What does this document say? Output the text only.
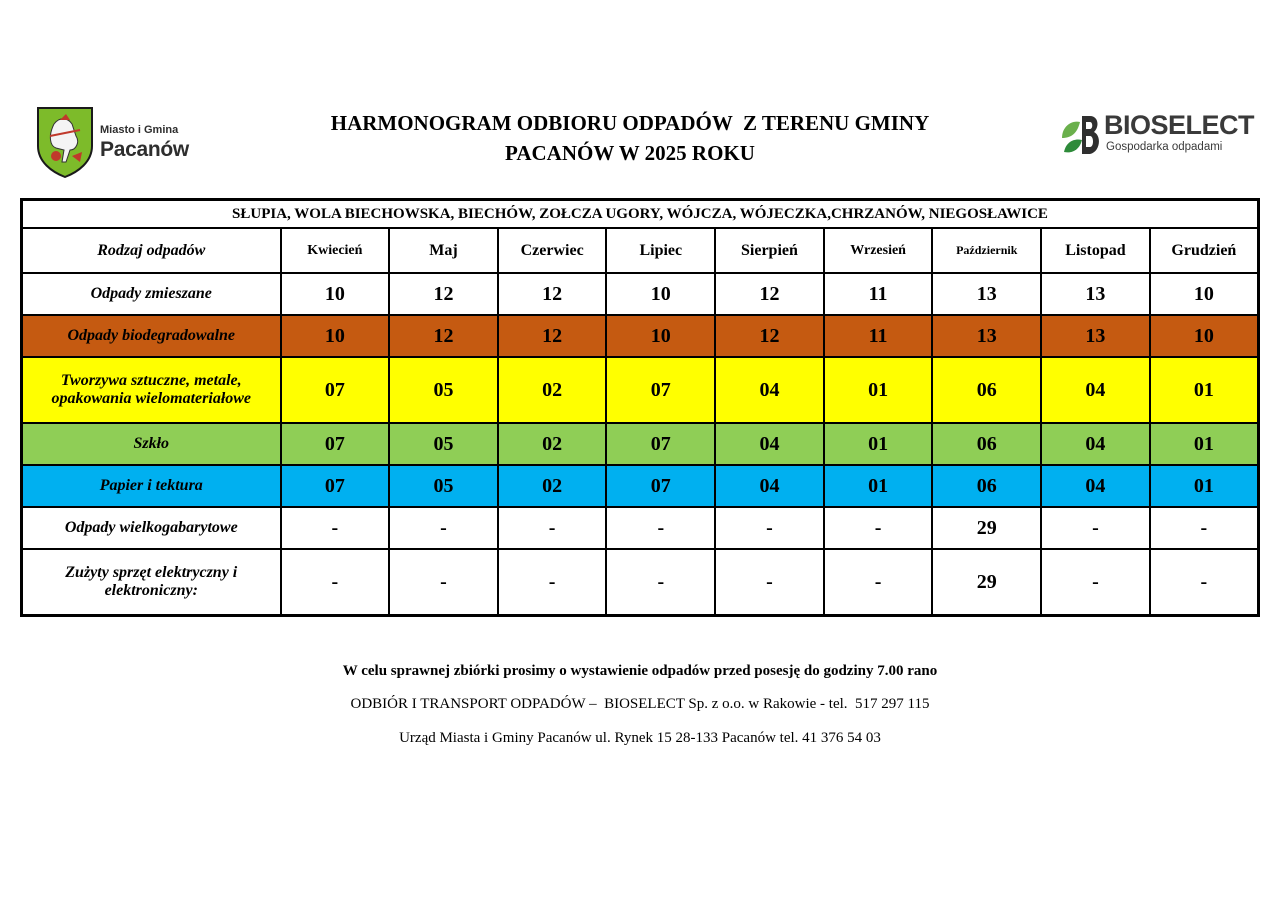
Miasto i Gmina
Pacanów
HARMONOGRAM ODBIORU ODPADÓW  Z TERENU GMINY
PACANÓW W 2025 ROKU
BIOSELECT
Gospodarka odpadami
SŁUPIA, WOLA BIECHOWSKA, BIECHÓW, ZOŁCZA UGORY, WÓJCZA, WÓJECZKA,CHRZANÓW, NIEGOSŁAWICE									
Rodzaj odpadów	Kwiecień	Maj	Czerwiec	Lipiec	Sierpień	Wrzesień	Październik	Listopad	Grudzień
Odpady zmieszane	10	12	12	10	12	11	13	13	10
Odpady biodegradowalne	10	12	12	10	12	11	13	13	10

Tworzywa sztuczne, metale,
opakowania wielomateriałowe	07	05	02	07	04	01	06	04	01
Szkło	07	05	02	07	04	01	06	04	01
Papier i tektura	07	05	02	07	04	01	06	04	01
Odpady wielkogabarytowe	-	-	-	-	-	-	29	-	-

Zużyty sprzęt elektryczny i
elektroniczny:	-	-	-	-	-	-	29	-	-
W celu sprawnej zbiórki prosimy o wystawienie odpadów przed posesję do godziny 7.00 rano
ODBIÓR I TRANSPORT ODPADÓW –  BIOSELECT Sp. z o.o. w Rakowie - tel.  517 297 115
Urząd Miasta i Gminy Pacanów ul. Rynek 15 28-133 Pacanów tel. 41 376 54 03
